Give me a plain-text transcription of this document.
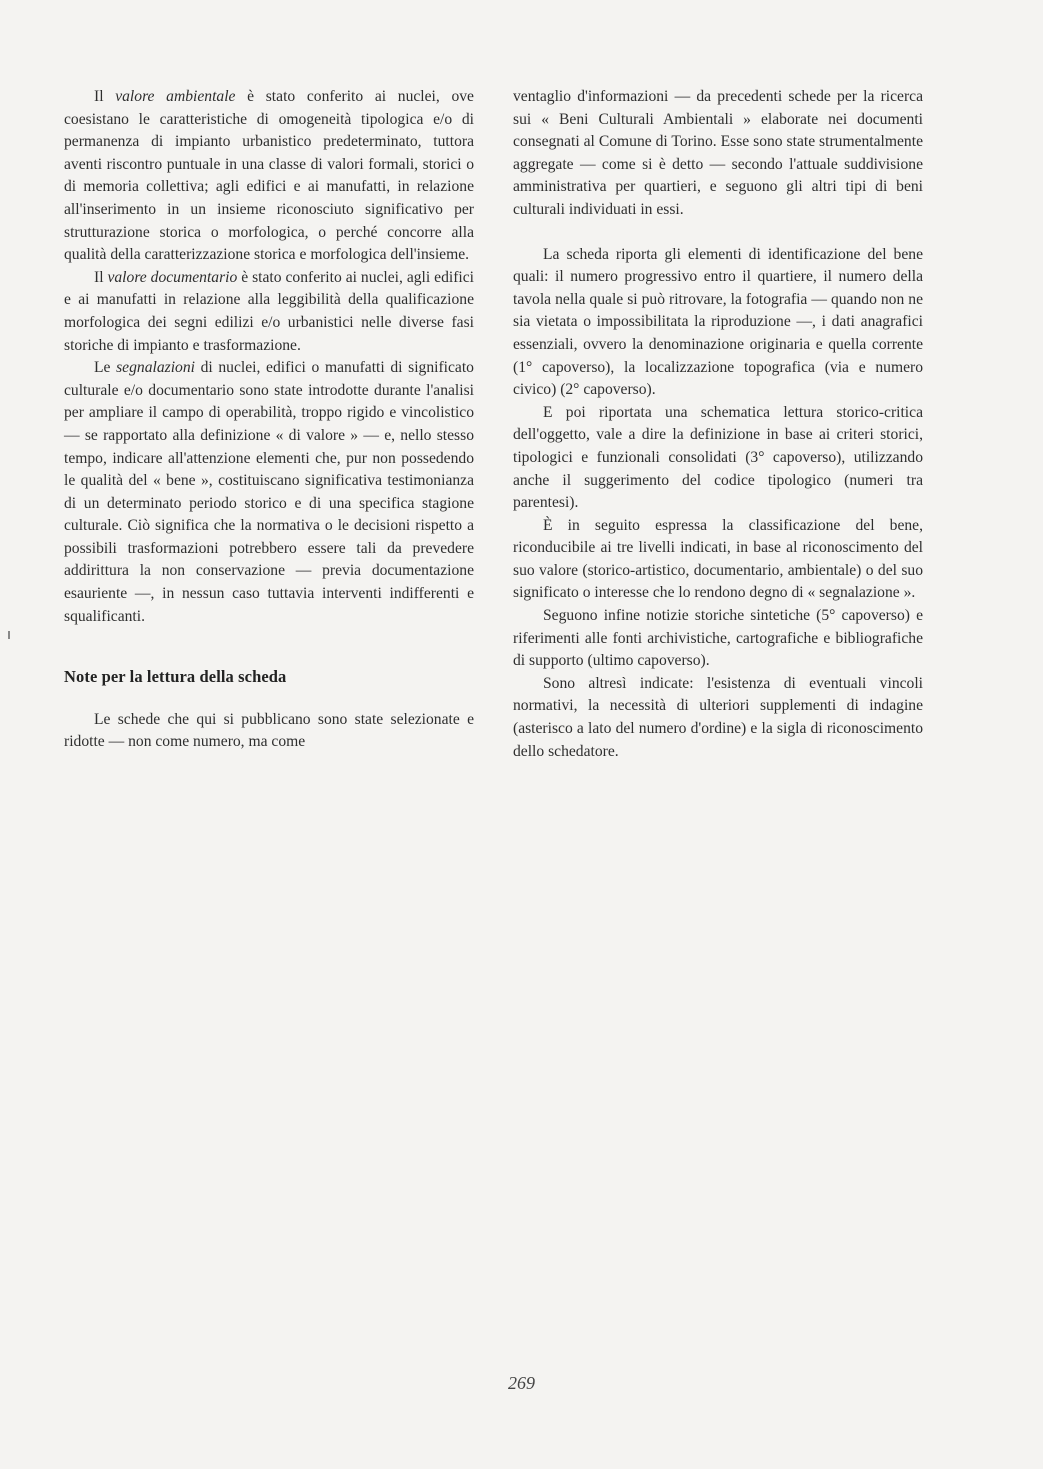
Il valore ambientale è stato conferito ai nuclei, ove coesistano le caratteristiche di omogeneità tipologica e/o di permanenza di impianto urbanistico predeterminato, tuttora aventi riscontro puntuale in una classe di valori formali, storici o di memoria collettiva; agli edifici e ai manufatti, in relazione all'inserimento in un insieme riconosciuto significativo per strutturazione storica o morfologica, o perché concorre alla qualità della caratterizzazione storica e morfologica dell'insieme.

Il valore documentario è stato conferito ai nuclei, agli edifici e ai manufatti in relazione alla leggibilità della qualificazione morfologica dei segni edilizi e/o urbanistici nelle diverse fasi storiche di impianto e trasformazione.

Le segnalazioni di nuclei, edifici o manufatti di significato culturale e/o documentario sono state introdotte durante l'analisi per ampliare il campo di operabilità, troppo rigido e vincolistico — se rapportato alla definizione « di valore » — e, nello stesso tempo, indicare all'attenzione elementi che, pur non possedendo le qualità del « bene », costituiscano significativa testimonianza di un determinato periodo storico e di una specifica stagione culturale. Ciò significa che la normativa o le decisioni rispetto a possibili trasformazioni potrebbero essere tali da prevedere addirittura la non conservazione — previa documentazione esauriente —, in nessun caso tuttavia interventi indifferenti e squalificanti.

Note per la lettura della scheda

Le schede che qui si pubblicano sono state selezionate e ridotte — non come numero, ma come

ventaglio d'informazioni — da precedenti schede per la ricerca sui « Beni Culturali Ambientali » elaborate nei documenti consegnati al Comune di Torino. Esse sono state strumentalmente aggregate — come si è detto — secondo l'attuale suddivisione amministrativa per quartieri, e seguono gli altri tipi di beni culturali individuati in essi.

La scheda riporta gli elementi di identificazione del bene quali: il numero progressivo entro il quartiere, il numero della tavola nella quale si può ritrovare, la fotografia — quando non ne sia vietata o impossibilitata la riproduzione —, i dati anagrafici essenziali, ovvero la denominazione originaria e quella corrente (1° capoverso), la localizzazione topografica (via e numero civico) (2° capoverso).

E poi riportata una schematica lettura storico-critica dell'oggetto, vale a dire la definizione in base ai criteri storici, tipologici e funzionali consolidati (3° capoverso), utilizzando anche il suggerimento del codice tipologico (numeri tra parentesi).

È in seguito espressa la classificazione del bene, riconducibile ai tre livelli indicati, in base al riconoscimento del suo valore (storico-artistico, documentario, ambientale) o del suo significato o interesse che lo rendono degno di « segnalazione ».

Seguono infine notizie storiche sintetiche (5° capoverso) e riferimenti alle fonti archivistiche, cartografiche e bibliografiche di supporto (ultimo capoverso).

Sono altresì indicate: l'esistenza di eventuali vincoli normativi, la necessità di ulteriori supplementi di indagine (asterisco a lato del numero d'ordine) e la sigla di riconoscimento dello schedatore.

269
